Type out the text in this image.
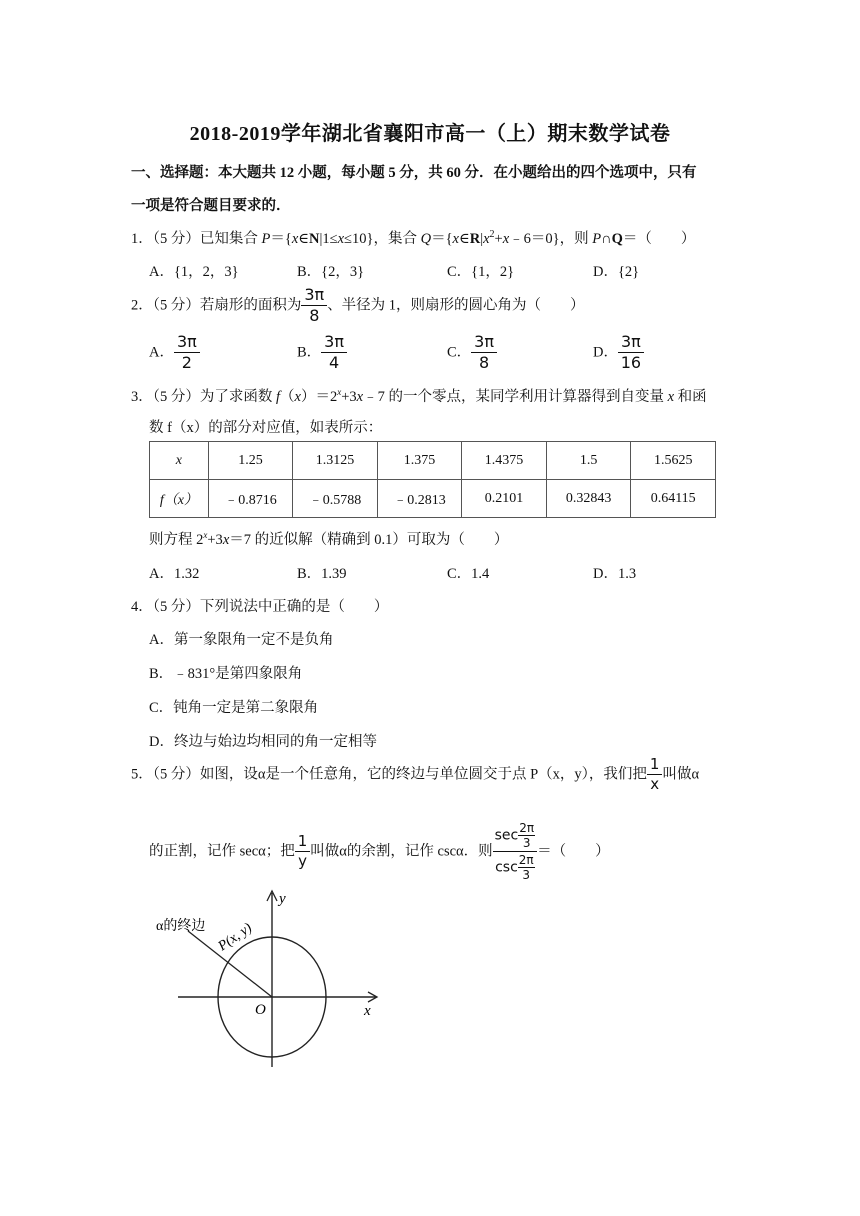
2018-2019学年湖北省襄阳市高一（上）期末数学试卷
一、选择题：本大题共 12 小题，每小题 5 分，共 60 分．在小题给出的四个选项中，只有
一项是符合题目要求的．
1．（5 分）已知集合 P＝{x∈N|1≤x≤10}，集合 $Q=\{x\in R|x^2+x﹣6=0\}$，则 P∩Q＝（　　）
A．{1，2，3}	B．{2，3}	C．{1，2}	D．{2}
2．（5 分）若扇形的面积为 $\frac{3\pi}{8}$ 、半径为 1，则扇形的圆心角为（　　）
A． $\frac{3\pi}{2}$	B． $\frac{3\pi}{4}$	C． $\frac{3\pi}{8}$	D． $\frac{3\pi}{16}$
3．（5 分）为了求函数 $f(x)=2^x+3x﹣7$ 的一个零点，某同学利用计算器得到自变量 x 和函
数 f（x）的部分对应值，如表所示：
x	1.25	1.3125	1.375	1.4375	1.5	1.5625
f（x）	﹣0.8716	﹣0.5788	﹣0.2813	0.2101	0.32843	0.64115
则方程 $2^x+3x=7$ 的近似解（精确到 0.1）可取为（　　）
A．1.32	B．1.39	C．1.4	D．1.3
4．（5 分）下列说法中正确的是（　　）
A．第一象限角一定不是负角
B．﹣831°是第四象限角
C．钝角一定是第二象限角
D．终边与始边均相同的角一定相等
5．（5 分）如图，设α是一个任意角，它的终边与单位圆交于点 P（x，y），我们把 $\frac{1}{x}$ 叫做α
的正割，记作 secα；把 $\frac{1}{y}$ 叫做α的余割，记作 cscα．则 $\frac{\sec \frac{2\pi}{3}}{\csc \frac{2\pi}{3}}$ ＝（　　）
α的终边 P(x, y)
x
y
O
